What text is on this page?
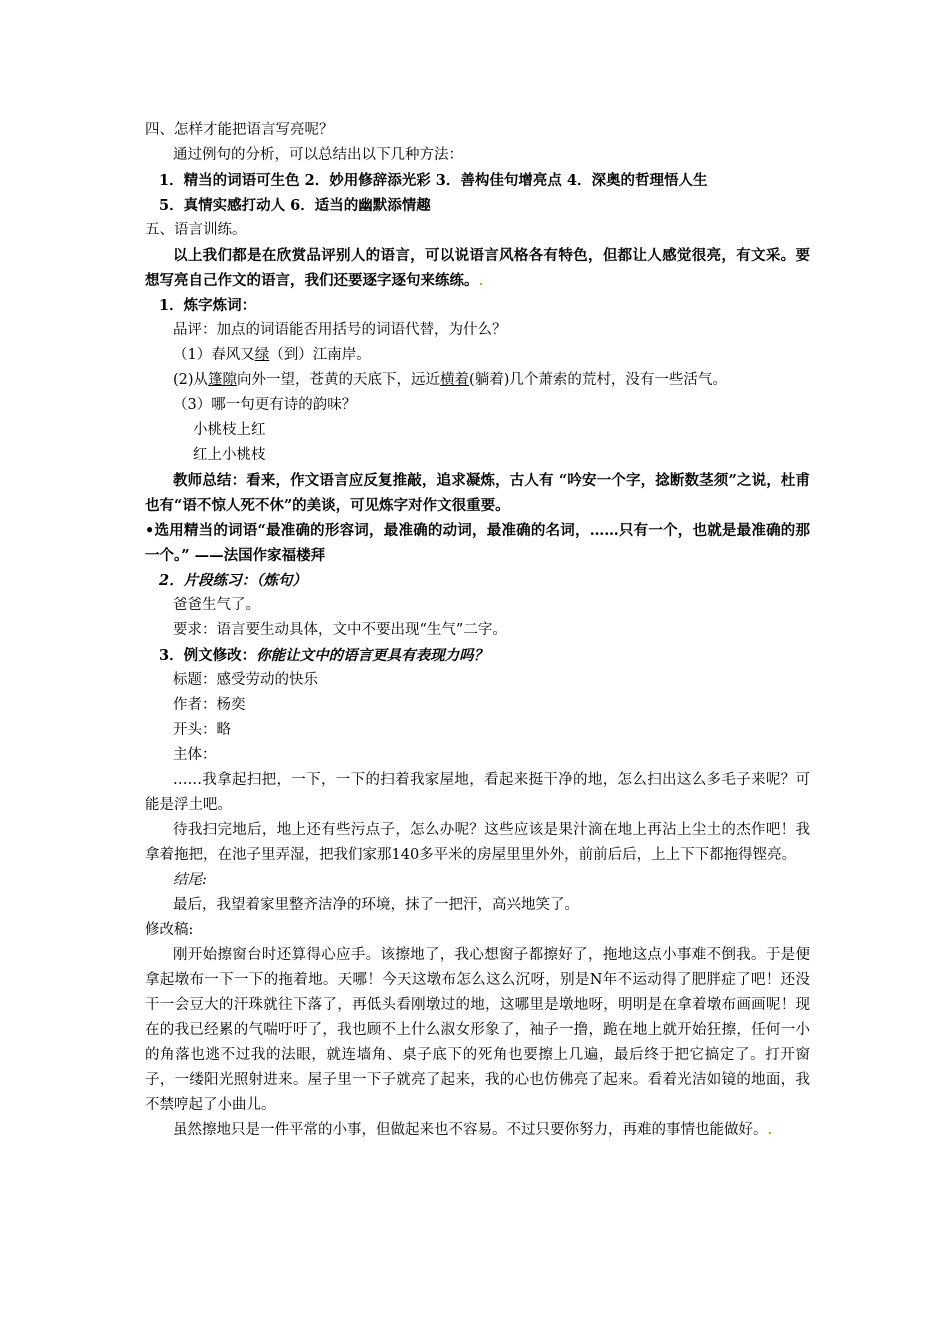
四、怎样才能把语言写亮呢？
通过例句的分析，可以总结出以下几种方法：
1．精当的词语可生色 2．妙用修辞添光彩 3．善构佳句增亮点 4．深奥的哲理悟人生
5．真情实感打动人 6．适当的幽默添情趣
五、语言训练。
以上我们都是在欣赏品评别人的语言，可以说语言风格各有特色，但都让人感觉很亮，有文采。要想写亮自己作文的语言，我们还要逐字逐句来练练。
1．炼字炼词：
品评：加点的词语能否用括号的词语代替，为什么？
（1）春风又绿（到）江南岸。
(2)从篷隙向外一望，苍黄的天底下，远近横着(躺着)几个萧索的荒村，没有一些活气。
（3）哪一句更有诗的韵味？
小桃枝上红
红上小桃枝
教师总结：看来，作文语言应反复推敲，追求凝炼，古人有 “吟安一个字，捻断数茎须”之说，杜甫也有“语不惊人死不休”的美谈，可见炼字对作文很重要。
•选用精当的词语“最准确的形容词，最准确的动词，最准确的名词，……只有一个，也就是最准确的那一个。” ——法国作家福楼拜
2．片段练习：（炼句）
爸爸生气了。
要求：语言要生动具体，文中不要出现“生气”二字。
3．例文修改：你能让文中的语言更具有表现力吗？
标题：感受劳动的快乐
作者：杨奕
开头：略
主体：
……我拿起扫把，一下，一下的扫着我家屋地，看起来挺干净的地，怎么扫出这么多毛子来呢？可能是浮土吧。
待我扫完地后，地上还有些污点子，怎么办呢？这些应该是果汁滴在地上再沾上尘土的杰作吧！我拿着拖把，在池子里弄湿，把我们家那140多平米的房屋里里外外，前前后后，上上下下都拖得铿亮。
结尾:
最后，我望着家里整齐洁净的环境，抹了一把汗，高兴地笑了。
修改稿:
刚开始擦窗台时还算得心应手。该擦地了，我心想窗子都擦好了，拖地这点小事难不倒我。于是便拿起墩布一下一下的拖着地。天哪！今天这墩布怎么这么沉呀，别是N年不运动得了肥胖症了吧！还没干一会豆大的汗珠就往下落了，再低头看刚墩过的地，这哪里是墩地呀，明明是在拿着墩布画画呢！现在的我已经累的气喘吁吁了，我也顾不上什么淑女形象了，袖子一撸，跪在地上就开始狂擦，任何一小的角落也逃不过我的法眼，就连墙角、桌子底下的死角也要擦上几遍，最后终于把它搞定了。打开窗子，一缕阳光照射进来。屋子里一下子就亮了起来，我的心也仿佛亮了起来。看着光洁如镜的地面，我不禁哼起了小曲儿。
虽然擦地只是一件平常的小事，但做起来也不容易。不过只要你努力，再难的事情也能做好。
